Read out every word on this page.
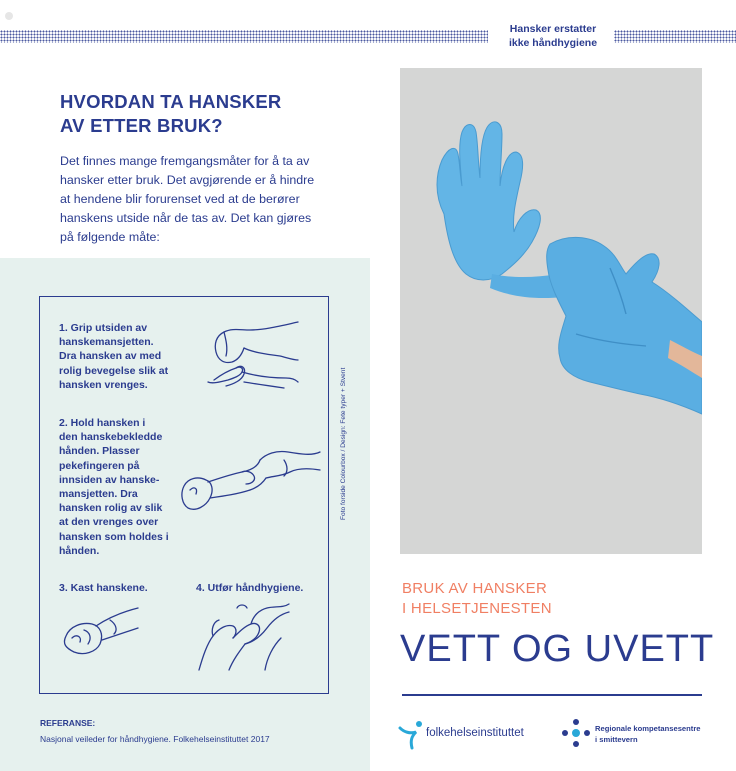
Hansker erstatter
ikke håndhygiene
HVORDAN TA HANSKER
AV ETTER BRUK?
Det finnes mange fremgangsmåter for å ta av
hansker etter bruk. Det avgjørende er å hindre
at hendene blir forurenset ved at de berører
hanskens utside når de tas av. Det kan gjøres
på følgende måte:
1. Grip utsiden av
hanskemansjetten.
Dra hansken av med
rolig bevegelse slik at
hansken vrenges.
2. Hold hansken i
den hanskebekledde
hånden. Plasser
pekefingeren på
innsiden av hanske-
mansjetten. Dra
hansken rolig av slik
at den vrenges over
hansken som holdes i
hånden.
3. Kast hanskene.	4. Utfør håndhygiene.
Foto forside Colourbox / Design: Fete typer + Stvent
REFERANSE:
Nasjonal veileder for håndhygiene. Folkehelseinstituttet 2017
BRUK AV HANSKER
I HELSETJENESTEN
VETT OG UVETT
folkehelseinstituttet	Regionale kompetansesentre
i smittevern
